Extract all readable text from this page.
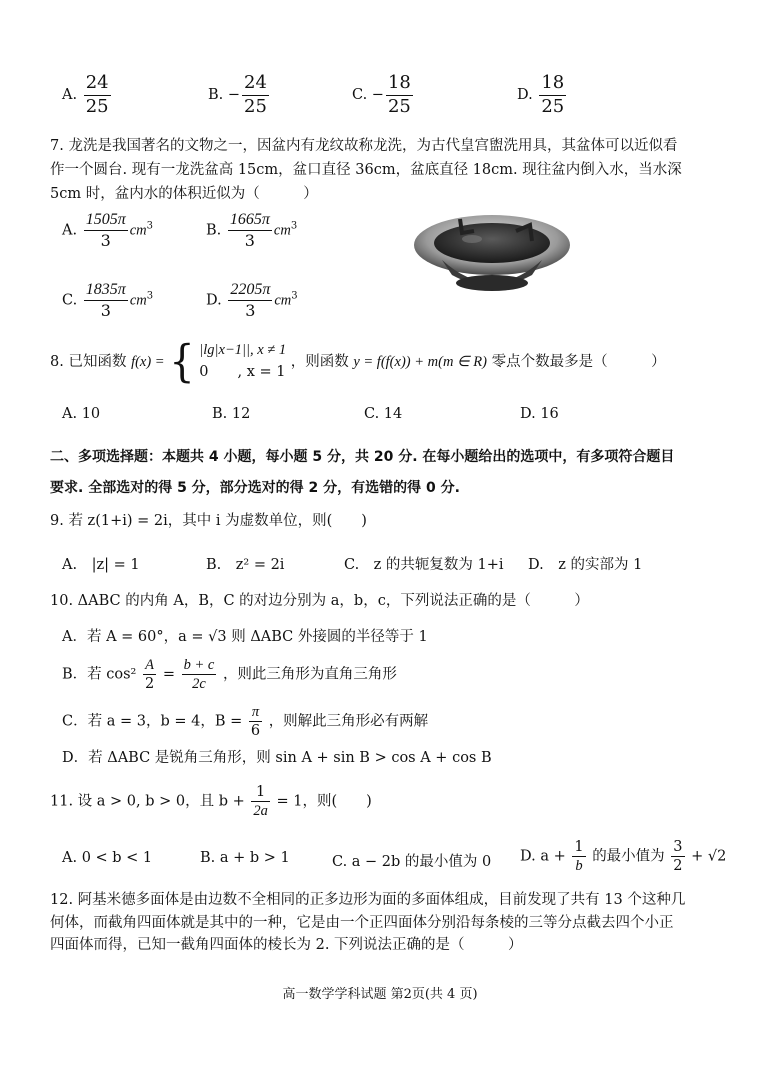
A. $\frac{24}{25}$	B. − $\frac{24}{25}$	C. − $\frac{18}{25}$	D. $\frac{18}{25}$
7. 龙洗是我国著名的文物之一，因盆内有龙纹故称龙洗，为古代皇宫盥洗用具，其盆体可以近似看
作一个圆台. 现有一龙洗盆高 15cm，盆口直径 36cm，盆底直径 18cm. 现往盆内倒入水，当水深
5cm 时，盆内水的体积近似为（　　　）
A. $\frac{1505\pi}{3} cm^3$	B. $\frac{1665\pi}{3} cm^3$
C. $\frac{1835\pi}{3} cm^3$	D. $\frac{2205\pi}{3} cm^3$
8. 已知函数 f(x) = { |lg|x−1||, x ≠ 1
0　　, x = 1
，则函数 y = f(f(x)) + m(m ∈ R) 零点个数最多是（　　　）
A. 10	B. 12	C. 14	D. 16
二、多项选择题：本题共 4 小题，每小题 5 分，共 20 分. 在每小题给出的选项中，有多项符合题目
要求. 全部选对的得 5 分，部分选对的得 2 分，有选错的得 0 分.
9. 若 z(1+i) = 2i，其中 i 为虚数单位，则(　　)
A.　|z| = 1	B.　z² = 2i	C.　z 的共轭复数为 1+i D.　z 的实部为 1
10. ΔABC 的内角 A，B，C 的对边分别为 a，b，c，下列说法正确的是（　　　）
A．若 A = 60°，a = √3 则 ΔABC 外接圆的半径等于 1
B．若 $\cos^2 \frac{A}{2} = \frac{b + c}{2c}$ ，则此三角形为直角三角形
C．若 a = 3，b = 4，$B = \frac{\pi}{6}$ ，则解此三角形必有两解
D．若 ΔABC 是锐角三角形，则 sin A + sin B > cos A + cos B
11. 设 a > 0, b > 0，且 $b + \frac{1}{2a} = 1$，则(　　)
A. 0 < b < 1	B. a + b > 1	C. a − 2b 的最小值为 0 D. $a + \frac{1}{b}$ 的最小值为 $\frac{3}{2} + √2$
12. 阿基米德多面体是由边数不全相同的正多边形为面的多面体组成，目前发现了共有 13 个这种几
何体，而截角四面体就是其中的一种，它是由一个正四面体分别沿每条棱的三等分点截去四个小正
四面体而得，已知一截角四面体的棱长为 2. 下列说法正确的是（　　　）
高一数学学科试题 第2页(共 4 页)
